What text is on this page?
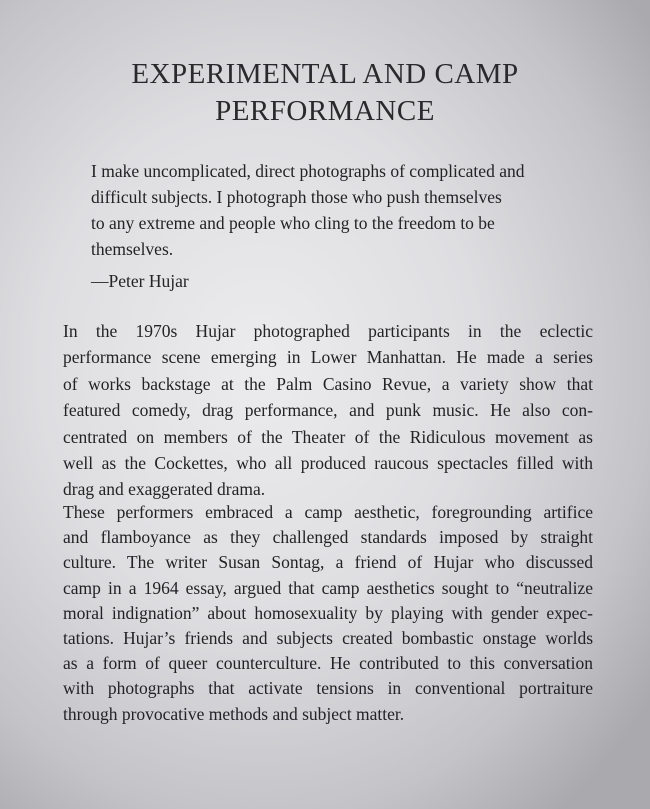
EXPERIMENTAL AND CAMP
PERFORMANCE
I make uncomplicated, direct photographs of complicated and
difficult subjects. I photograph those who push themselves
to any extreme and people who cling to the freedom to be
themselves.
—Peter Hujar
In the 1970s Hujar photographed participants in the eclectic
performance scene emerging in Lower Manhattan. He made a series
of works backstage at the Palm Casino Revue, a variety show that
featured comedy, drag performance, and punk music. He also con-
centrated on members of the Theater of the Ridiculous movement as
well as the Cockettes, who all produced raucous spectacles filled with
drag and exaggerated drama.
These performers embraced a camp aesthetic, foregrounding artifice
and flamboyance as they challenged standards imposed by straight
culture. The writer Susan Sontag, a friend of Hujar who discussed
camp in a 1964 essay, argued that camp aesthetics sought to “neutralize
moral indignation” about homosexuality by playing with gender expec-
tations. Hujar’s friends and subjects created bombastic onstage worlds
as a form of queer counterculture. He contributed to this conversation
with photographs that activate tensions in conventional portraiture
through provocative methods and subject matter.
